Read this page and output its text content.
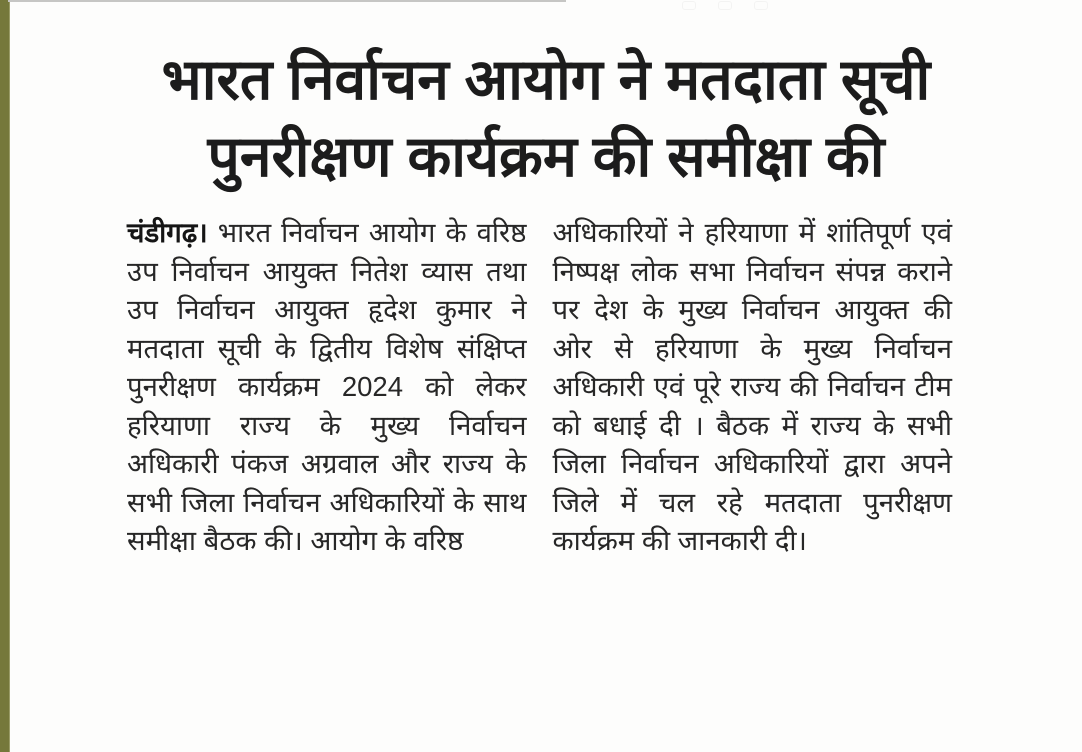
भारत निर्वाचन आयोग ने मतदाता सूची
पुनरीक्षण कार्यक्रम की समीक्षा की

चंडीगढ़। भारत निर्वाचन आयोग के वरिष्ठ उप निर्वाचन आयुक्त नितेश व्यास तथा उप निर्वाचन आयुक्त हृदेश कुमार ने मतदाता सूची के द्वितीय विशेष संक्षिप्त पुनरीक्षण कार्यक्रम 2024 को लेकर हरियाणा राज्य के मुख्य निर्वाचन अधिकारी पंकज अग्रवाल और राज्य के सभी जिला निर्वाचन अधिकारियों के साथ समीक्षा बैठक की। आयोग के वरिष्ठ

अधिकारियों ने हरियाणा में शांतिपूर्ण एवं निष्पक्ष लोक सभा निर्वाचन संपन्न कराने पर देश के मुख्य निर्वाचन आयुक्त की ओर से हरियाणा के मुख्य निर्वाचन अधिकारी एवं पूरे राज्य की निर्वाचन टीम को बधाई दी । बैठक में राज्य के सभी जिला निर्वाचन अधिकारियों द्वारा अपने जिले में चल रहे मतदाता पुनरीक्षण कार्यक्रम की जानकारी दी।
